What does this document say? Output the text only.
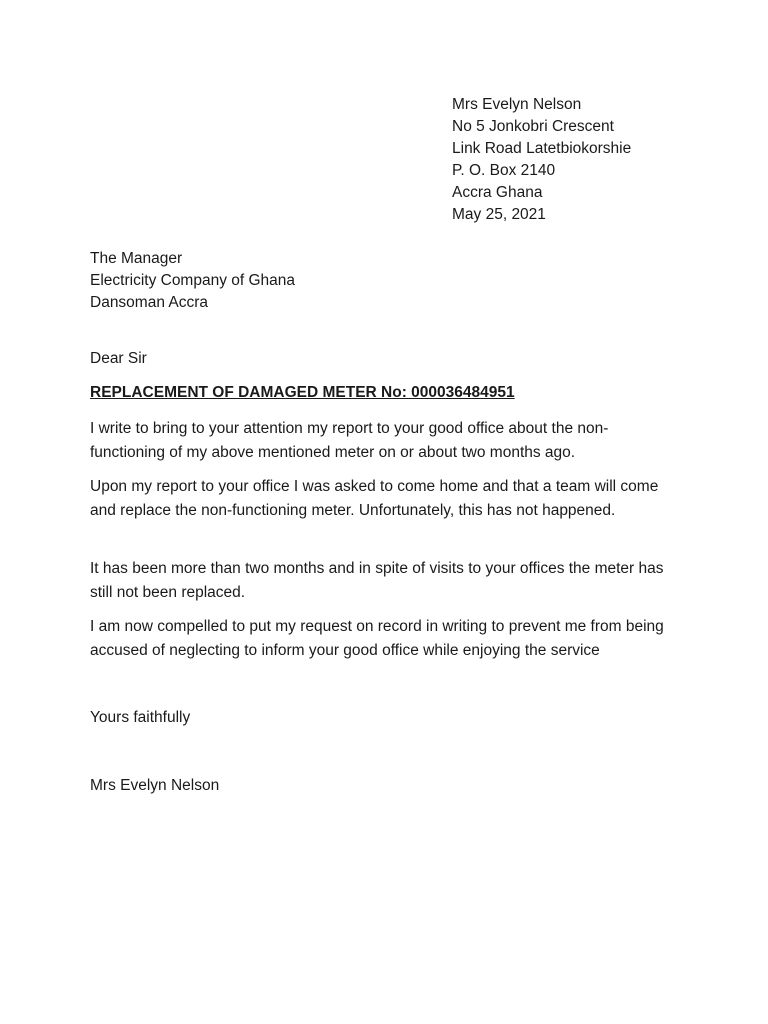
Mrs Evelyn Nelson
No 5 Jonkobri Crescent
Link Road Latetbiokorshie
P. O. Box 2140
Accra Ghana
May 25, 2021
The Manager
Electricity Company of Ghana
Dansoman Accra
Dear Sir
REPLACEMENT OF DAMAGED METER No: 000036484951

I write to bring to your attention my report to your good office about the non-functioning of my above mentioned meter on or about two months ago.

Upon my report to your office I was asked to come home and that a team will come and replace the non-functioning meter. Unfortunately, this has not happened.

It has been more than two months and in spite of visits to your offices the meter has still not been replaced.

I am now compelled to put my request on record in writing to prevent me from being accused of neglecting to inform your good office while enjoying the service

Yours faithfully
Mrs Evelyn Nelson
